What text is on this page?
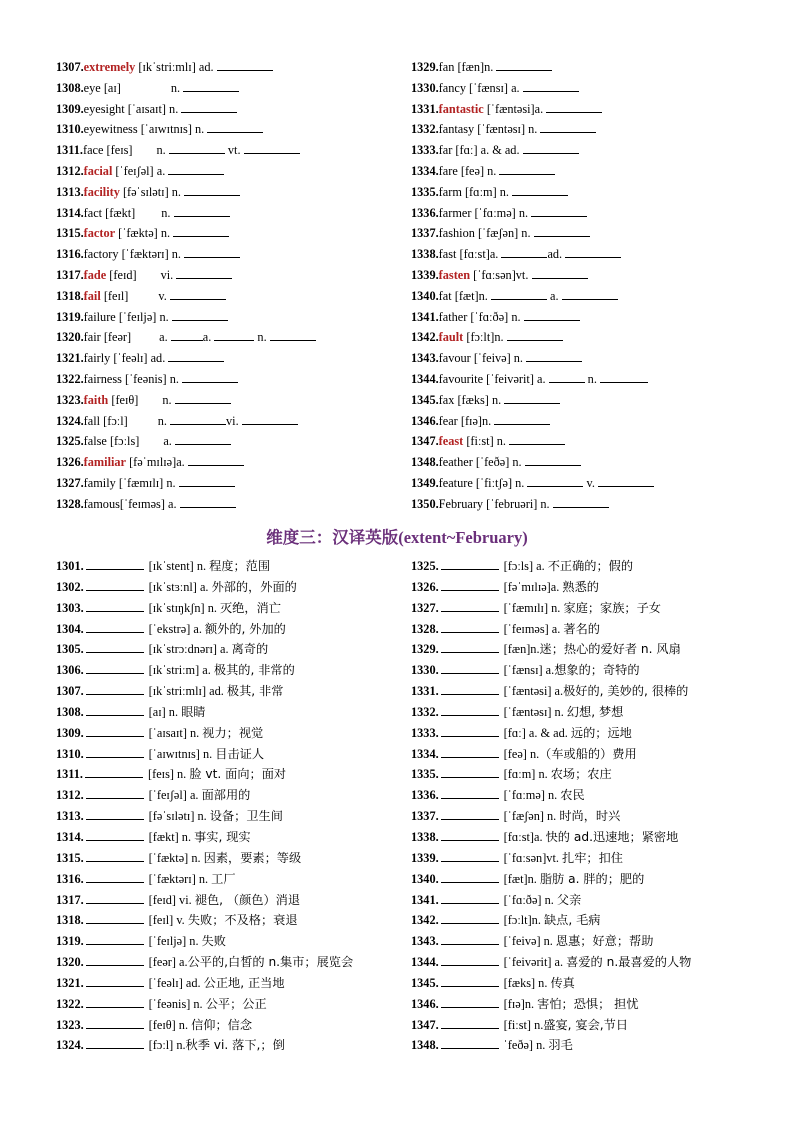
1307.extremely [ɪkˈstriːmlɪ] ad.
1308.eye [aɪ]	n.
1309.eyesight [ˈaɪsaɪt] n.
1310.eyewitness [ˈaɪwɪtnɪs] n.
1311.face [feɪs] n.	vt.
1312.facial [ˈfeɪʃəl] a.
1313.facility [fəˈsɪlətɪ] n.
1314.fact [fækt] n.
1315.factor [ˈfæktə] n.
1316.factory [ˈfæktərɪ] n.
1317.fade [feɪd] vi.
1318.fail [feɪl] v.
1319.failure [ˈfeɪljə] n.
1320.fair [feər] a.	a.	n.
1321.fairly [ˈfeəlɪ] ad.
1322.fairness [ˈfeənis] n.
1323.faith [feɪθ] n.
1324.fall [fɔːl] n.	vi.
1325.false [fɔːls] a.
1326.familiar [fəˈmɪlɪə]a.
1327.family [ˈfæmɪlɪ] n.
1328.famous[ˈfeɪməs] a.
1329.fan [fæn]n.
1330.fancy [ˈfænsɪ] a.
1331.fantastic [ˈfæntəsi]a.
1332.fantasy [ˈfæntəsɪ] n.
1333.far [fɑː] a. & ad.
1334.fare [feə] n.
1335.farm [fɑːm] n.
1336.farmer [ˈfɑːmə] n.
1337.fashion [ˈfæʃən] n.
1338.fast [fɑːst]a.	ad.
1339.fasten [ˈfɑːsən]vt.
1340.fat [fæt]n.	a.
1341.father [ˈfɑːðə] n.
1342.fault [fɔːlt]n.
1343.favour [ˈfeivə] n.
1344.favourite [ˈfeivərit] a.	n.
1345.fax [fæks] n.
1346.fear [fɪə]n.
1347.feast [fiːst] n.
1348.feather [ˈfeðə] n.
1349.feature [ˈfiːtʃə] n.	v.
1350.February [ˈfebruəri] n.
维度三：汉译英版(extent~February)
1301.	[ɪkˈstent] n. 程度；范围
1302.	[ɪkˈstɜːnl] a. 外部的，外面的
1303.	[ɪkˈstɪŋkʃn] n. 灭绝，消亡
1304.	[ˈekstrə] a. 额外的, 外加的
1305.	[ɪkˈstrɔːdnərɪ] a. 离奇的
1306.	[ɪkˈstriːm] a. 极其的, 非常的
1307.	[ɪkˈstriːmlɪ] ad. 极其, 非常
1308.	[aɪ] n. 眼睛
1309.	[ˈaɪsaɪt] n. 视力；视觉
1310.	[ˈaɪwɪtnɪs] n. 目击证人
1311.	[feɪs] n. 脸 vt. 面向；面对
1312.	[ˈfeɪʃəl] a. 面部用的
1313.	[fəˈsɪlətɪ] n. 设备；卫生间
1314.	[fækt] n. 事实, 现实
1315.	[ˈfæktə] n. 因素，要素；等级
1316.	[ˈfæktərɪ] n. 工厂
1317.	[feɪd] vi. 褪色, （颜色）消退
1318.	[feɪl] v. 失败；不及格；衰退
1319.	[ˈfeɪljə] n. 失败
1320.	[feər] a.公平的,白皙的 n.集市；展览会
1321.	[ˈfeəlɪ] ad. 公正地, 正当地
1322.	[ˈfeənis] n. 公平；公正
1323.	[feɪθ] n. 信仰；信念
1324.	[fɔːl] n.秋季 vi. 落下,；倒
1325.	[fɔːls] a. 不正确的；假的
1326.	[fəˈmɪlɪə]a. 熟悉的
1327.	[ˈfæmɪlɪ] n. 家庭；家族；子女
1328.	[ˈfeɪməs] a. 著名的
1329.	[fæn]n.迷；热心的爱好者 n. 风扇
1330.	[ˈfænsɪ] a.想象的；奇特的
1331.	[ˈfæntəsi] a.极好的, 美妙的, 很棒的
1332.	[ˈfæntəsɪ] n. 幻想, 梦想
1333.	[fɑː] a. & ad. 远的；远地
1334.	[feə] n.（车或船的）费用
1335.	[fɑːm] n. 农场；农庄
1336.	[ˈfɑːmə] n. 农民
1337.	[ˈfæʃən] n. 时尚，时兴
1338.	[fɑːst]a. 快的 ad.迅速地；紧密地
1339.	[ˈfɑːsən]vt. 扎牢；扣住
1340.	[fæt]n. 脂肪 a. 胖的；肥的
1341.	[ˈfɑːðə] n. 父亲
1342.	[fɔːlt]n. 缺点, 毛病
1343.	[ˈfeivə] n. 恩惠；好意；帮助
1344.	[ˈfeivərit] a. 喜爱的 n.最喜爱的人物
1345.	[fæks] n. 传真
1346.	[fɪə]n. 害怕；恐惧； 担忧
1347.	[fiːst] n.盛宴, 宴会,节日
1348.	ˈfeðə] n. 羽毛
